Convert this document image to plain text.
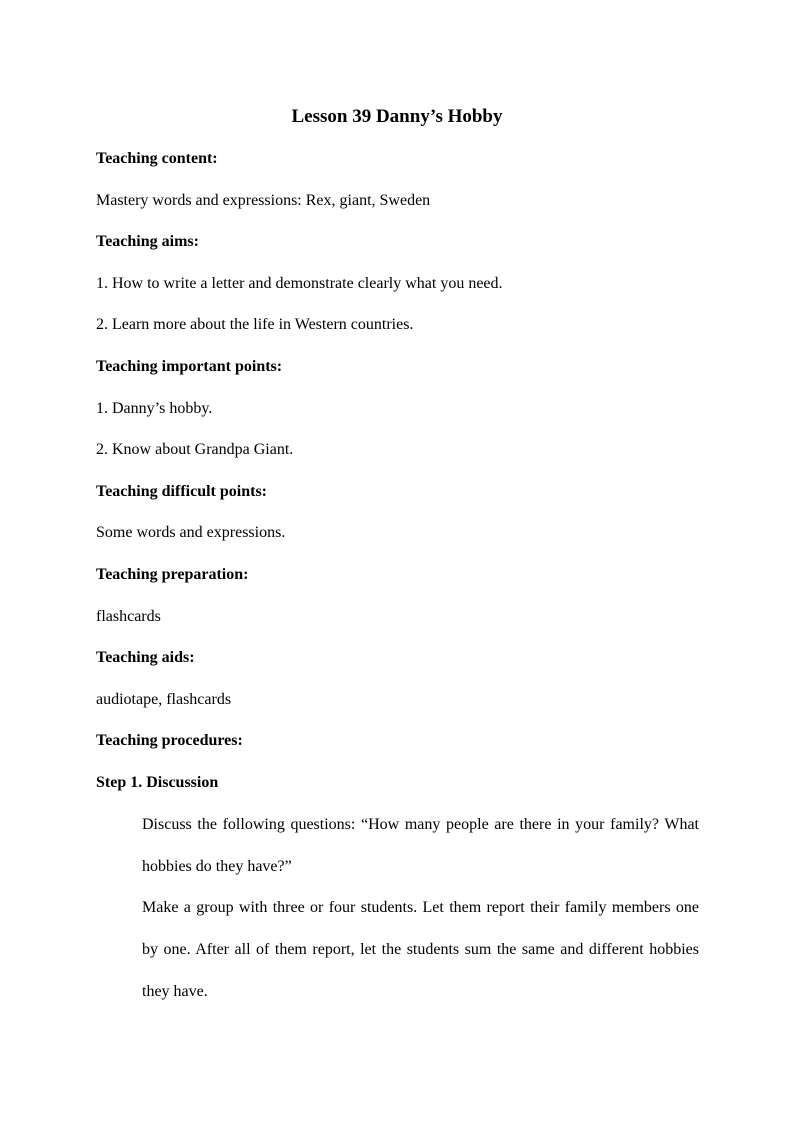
Lesson 39 Danny’s Hobby
Teaching content:
Mastery words and expressions: Rex, giant, Sweden
Teaching aims:
1. How to write a letter and demonstrate clearly what you need.
2. Learn more about the life in Western countries.
Teaching important points:
1. Danny’s hobby.
2. Know about Grandpa Giant.
Teaching difficult points:
Some words and expressions.
Teaching preparation:
flashcards
Teaching aids:
audiotape, flashcards
Teaching procedures:
Step 1. Discussion
Discuss the following questions: “How many people are there in your family? What hobbies do they have?”
Make a group with three or four students. Let them report their family members one by one. After all of them report, let the students sum the same and different hobbies they have.
